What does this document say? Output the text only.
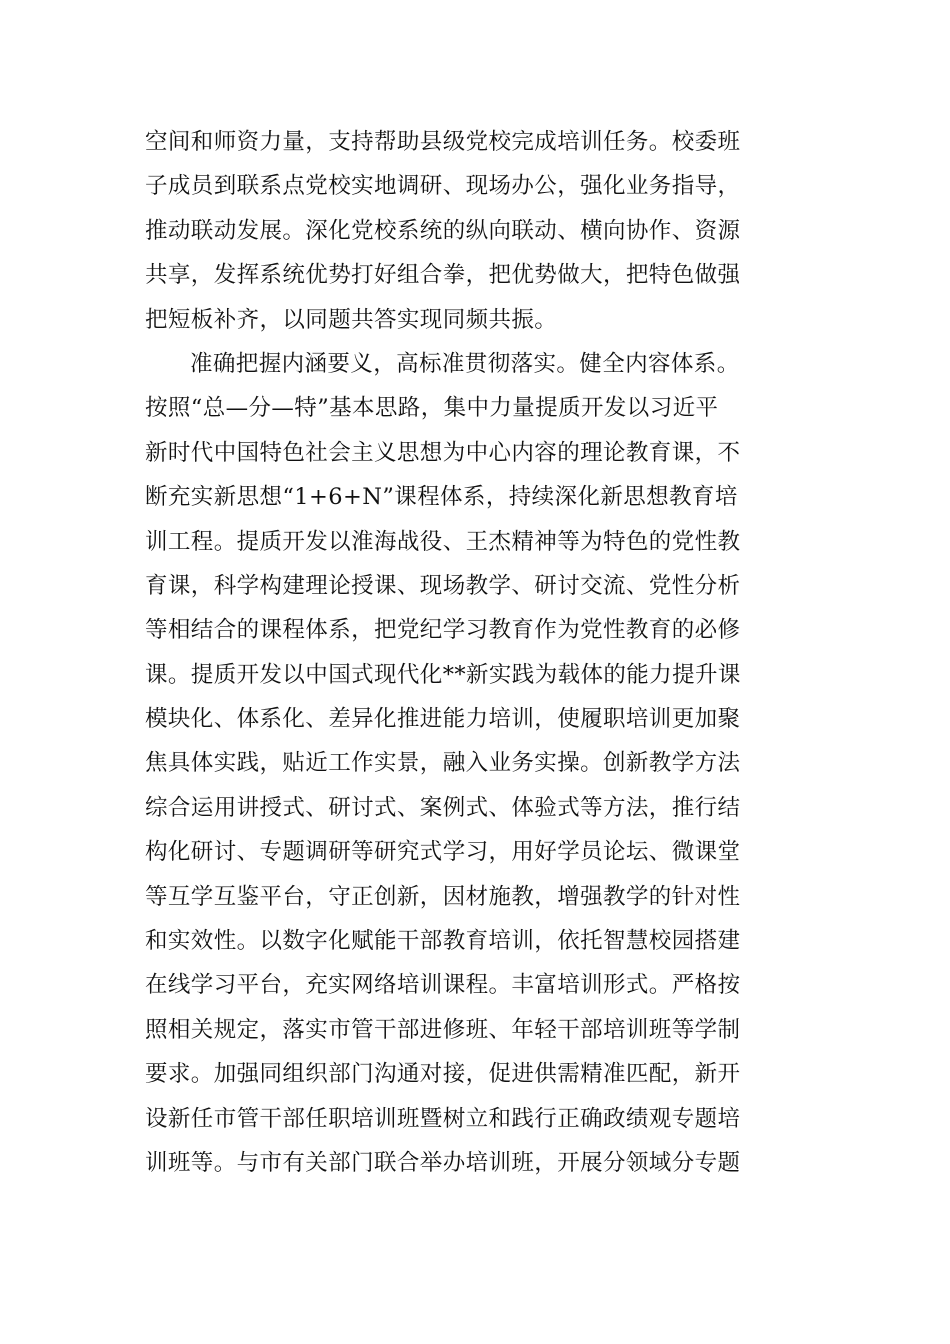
空间和师资力量，支持帮助县级党校完成培训任务。校委班
子成员到联系点党校实地调研、现场办公，强化业务指导，
推动联动发展。深化党校系统的纵向联动、横向协作、资源
共享，发挥系统优势打好组合拳，把优势做大，把特色做强
把短板补齐，以同题共答实现同频共振。
准确把握内涵要义，高标准贯彻落实。健全内容体系。
按照“总—分—特”基本思路，集中力量提质开发以习近平
新时代中国特色社会主义思想为中心内容的理论教育课，不
断充实新思想“1+6+N”课程体系，持续深化新思想教育培
训工程。提质开发以淮海战役、王杰精神等为特色的党性教
育课，科学构建理论授课、现场教学、研讨交流、党性分析
等相结合的课程体系，把党纪学习教育作为党性教育的必修
课。提质开发以中国式现代化**新实践为载体的能力提升课
模块化、体系化、差异化推进能力培训，使履职培训更加聚
焦具体实践，贴近工作实景，融入业务实操。创新教学方法
综合运用讲授式、研讨式、案例式、体验式等方法，推行结
构化研讨、专题调研等研究式学习，用好学员论坛、微课堂
等互学互鉴平台，守正创新，因材施教，增强教学的针对性
和实效性。以数字化赋能干部教育培训，依托智慧校园搭建
在线学习平台，充实网络培训课程。丰富培训形式。严格按
照相关规定，落实市管干部进修班、年轻干部培训班等学制
要求。加强同组织部门沟通对接，促进供需精准匹配，新开
设新任市管干部任职培训班暨树立和践行正确政绩观专题培
训班等。与市有关部门联合举办培训班，开展分领域分专题
